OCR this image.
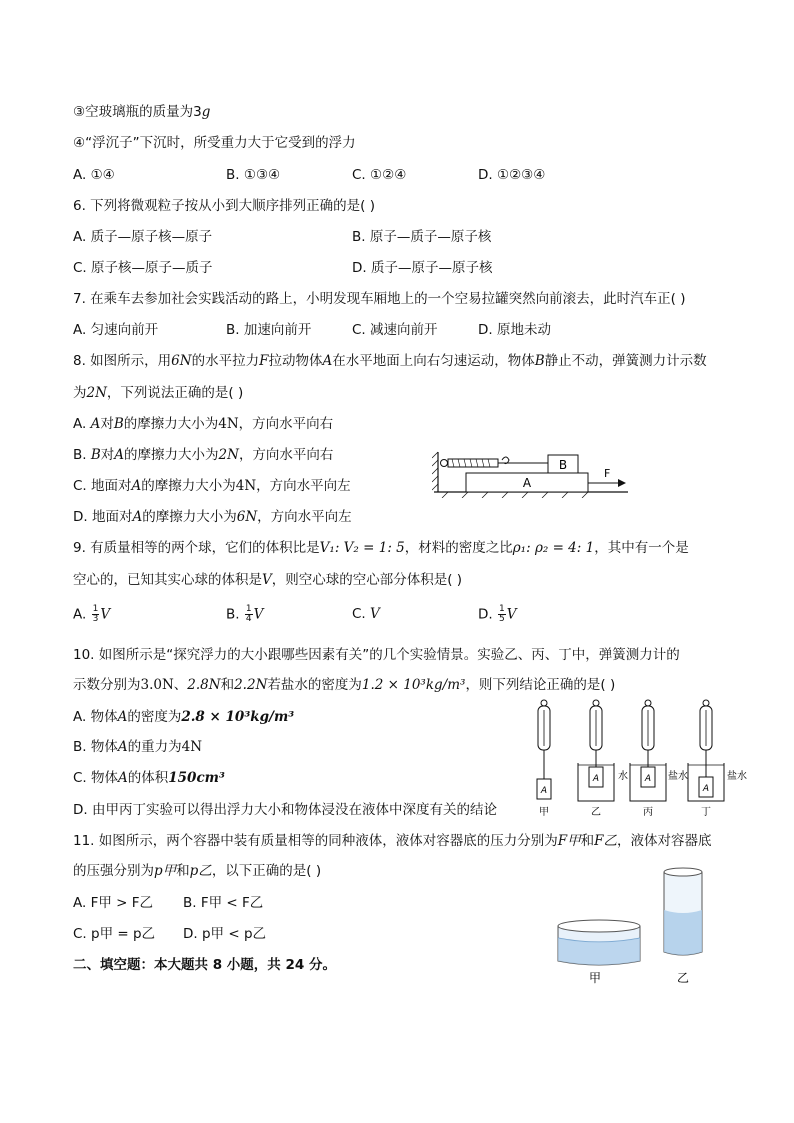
③空玻璃瓶的质量为3g
④“浮沉子”下沉时，所受重力大于它受到的浮力
A. ①④	B. ①③④	C. ①②④	D. ①②③④
6. 下列将微观粒子按从小到大顺序排列正确的是( )
A. 质子—原子核—原子	B. 原子—质子—原子核
C. 原子核—原子—质子	D. 质子—原子—原子核
7. 在乘车去参加社会实践活动的路上，小明发现车厢地上的一个空易拉罐突然向前滚去，此时汽车正( )
A. 匀速向前开	B. 加速向前开	C. 减速向前开	D. 原地未动
8. 如图所示，用6N的水平拉力F拉动物体A在水平地面上向右匀速运动，物体B静止不动，弹簧测力计示数
为2N，下列说法正确的是( )
A. A对B的摩擦力大小为4N，方向水平向右
B. B对A的摩擦力大小为2N，方向水平向右
C. 地面对A的摩擦力大小为4N，方向水平向左
D. 地面对A的摩擦力大小为6N，方向水平向左
B
A
F
9. 有质量相等的两个球，它们的体积比是V₁: V₂ = 1: 5，材料的密度之比ρ₁: ρ₂ = 4: 1，其中有一个是
空心的，已知其实心球的体积是V，则空心球的空心部分体积是( )
A. $\frac{1}{3}$ V	B. $\frac{1}{4}$ V	C. V	D. $\frac{1}{5}$ V
10. 如图所示是“探究浮力的大小跟哪些因素有关”的几个实验情景。实验乙、丙、丁中，弹簧测力计的
示数分别为3.0N、2.8N和2.2N若盐水的密度为1.2 × 10³kg/m³，则下列结论正确的是( )
A. 物体A的密度为2.8 × 10³kg/m³
B. 物体A的重力为4N
C. 物体A的体积150cm³
D. 由甲丙丁实验可以得出浮力大小和物体浸没在液体中深度有关的结论
A
甲
A 水
乙
A 盐水
丙
A
盐水
丁
11. 如图所示，两个容器中装有质量相等的同种液体，液体对容器底的压力分别为F甲和F乙，液体对容器底
的压强分别为p甲和p乙，以下正确的是( )
A. F甲 > F乙 B. F甲 < F乙
C. p甲 = p乙 D. p甲 < p乙
甲	乙
二、填空题：本大题共 8 小题，共 24 分。
